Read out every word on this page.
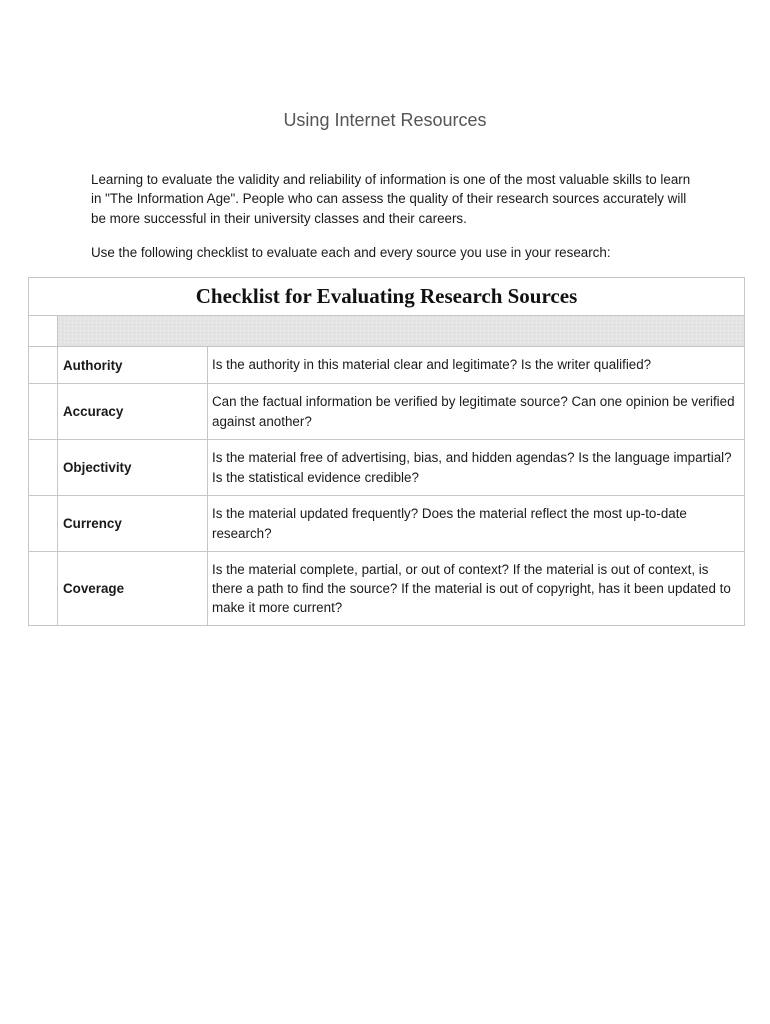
Using Internet Resources

Learning to evaluate the validity and reliability of information is one of the most valuable skills to learn in "The Information Age". People who can assess the quality of their research sources accurately will be more successful in their university classes and their careers.

Use the following checklist to evaluate each and every source you use in your research:

Checklist for Evaluating Research Sources		

	Authority	Is the authority in this material clear and legitimate? Is the writer qualified?
	Accuracy	Can the factual information be verified by legitimate source? Can one opinion be verified against another?
	Objectivity	Is the material free of advertising, bias, and hidden agendas? Is the language impartial? Is the statistical evidence credible?
	Currency	Is the material updated frequently? Does the material reflect the most up-to-date research?
	Coverage	Is the material complete, partial, or out of context? If the material is out of context, is there a path to find the source? If the material is out of copyright, has it been updated to make it more current?
